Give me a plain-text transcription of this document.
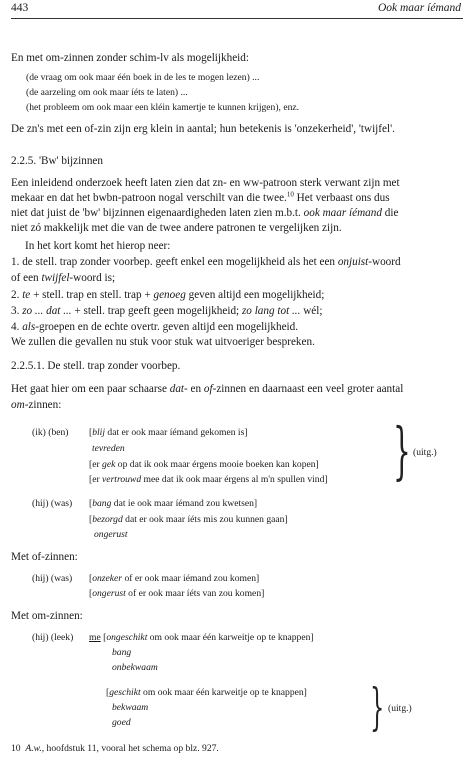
443	Ook maar íémand
En met om-zinnen zonder schim-lv als mogelijkheid:
(de vraag om ook maar één boek in de les te mogen lezen) ...
(de aarzeling om ook maar íéts te laten) ...
(het probleem om ook maar een kléin kamertje te kunnen krijgen), enz.
De zn's met een of-zin zijn erg klein in aantal; hun betekenis is 'onzekerheid', 'twijfel'.
2.2.5. 'Bw' bijzinnen
Een inleidend onderzoek heeft laten zien dat zn- en ww-patroon sterk verwant zijn met
mekaar en dat het bwbn-patroon nogal verschilt van die twee.$^{10}$ Het verbaast ons dus
niet dat juist de 'bw' bijzinnen eigenaardigheden laten zien m.b.t. ook maar íémand die
niet zó makkelijk met die van de twee andere patronen te vergelijken zijn.
In het kort komt het hierop neer:
1. de stell. trap zonder voorbep. geeft enkel een mogelijkheid als het een onjuist-woord
of een twijfel-woord is;
2. te + stell. trap en stell. trap + genoeg geven altijd een mogelijkheid;
3. zo ... dat ... + stell. trap geeft geen mogelijkheid; zo lang tot ... wél;
4. als-groepen en de echte overtr. geven altijd een mogelijkheid.
We zullen die gevallen nu stuk voor stuk wat uitvoeriger bespreken.
2.2.5.1. De stell. trap zonder voorbep.
Het gaat hier om een paar schaarse dat- en of-zinnen en daarnaast een veel groter aantal
om-zinnen:
(ik) (ben) [blij dat er ook maar íémand gekomen is]
tevreden
[er gek op dat ik ook maar érgens mooie boeken kan kopen]
[er vertrouwd mee dat ik ook maar érgens al m'n spullen vind] } (uitg.)
(hij) (was) [bang dat ie ook maar íémand zou kwetsen]
[bezorgd dat er ook maar íéts mis zou kunnen gaan]
ongerust
Met of-zinnen:
(hij) (was) [onzeker of er ook maar íémand zou komen]
[ongerust of er ook maar íéts van zou komen]
Met om-zinnen:
(hij) (leek) me [ongeschikt om ook maar één karweitje op te knappen]
bang
onbekwaam
[geschikt om ook maar één karweitje op te knappen]
bekwaam
goed	} (uitg.)
10 A.w., hoofdstuk 11, vooral het schema op blz. 927.
